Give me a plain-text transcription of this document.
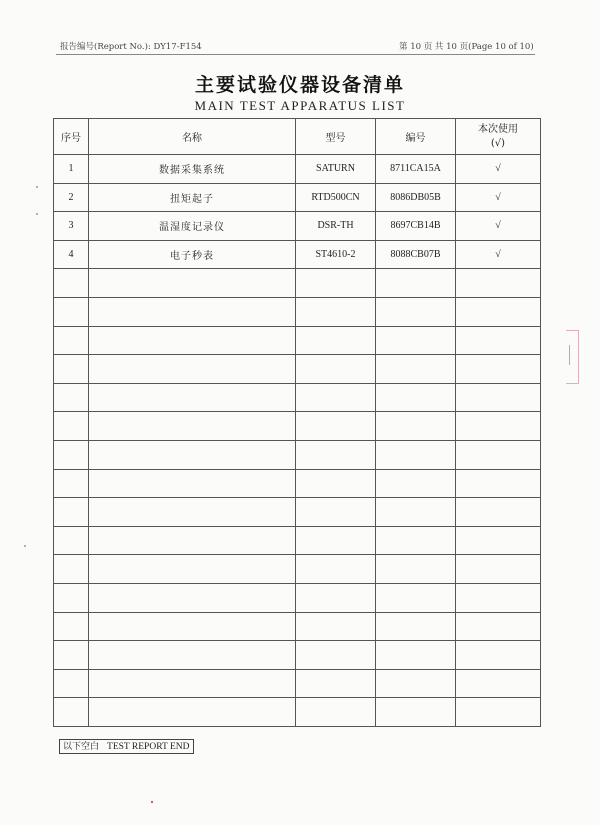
报告编号(Report No.): DY17-F154	第 10 页 共 10 页(Page 10 of 10)
主要试验仪器设备清单
MAIN TEST APPARATUS LIST
序号	名称	型号	编号	本次使用
(√)

1	数据采集系统	SATURN	8711CA15A	√
2	扭矩起子	RTD500CN	8086DB05B	√
3	温湿度记录仪	DSR-TH	8697CB14B	√
4	电子秒表	ST4610-2	8088CB07B	√

以下空白 TEST REPORT END
